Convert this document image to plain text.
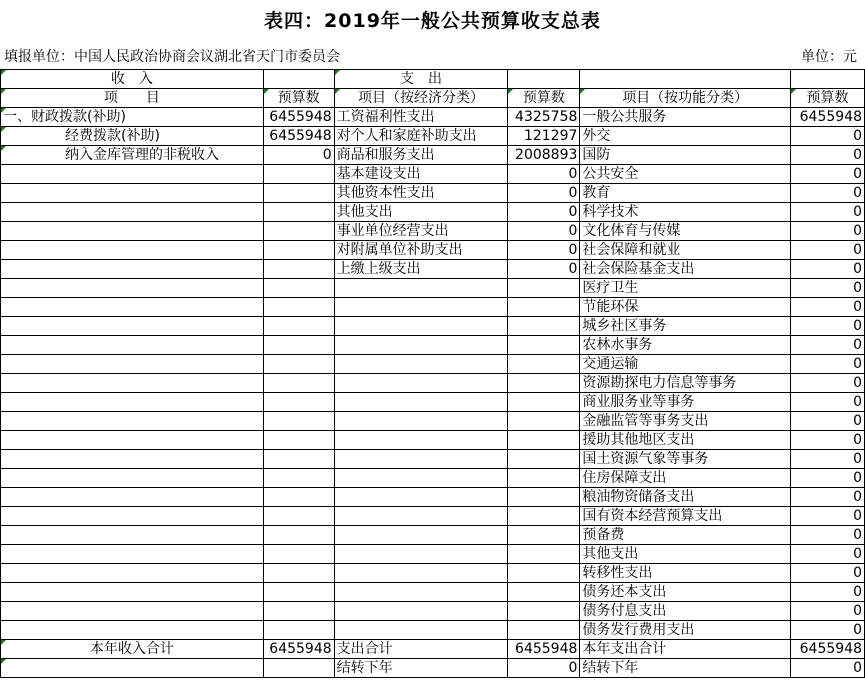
表四：2019年一般公共预算收支总表
填报单位：中国人民政治协商会议湖北省天门市委员会	单位：元
收　入		支　出			
项　　目	预算数	项目（按经济分类）	预算数	项目（按功能分类）	预算数
一、财政拨款(补助)	6455948	工资福利性支出	4325758	一般公共服务	6455948
经费拨款(补助)	6455948	对个人和家庭补助支出	121297	外交	0
纳入金库管理的非税收入	0	商品和服务支出	2008893	国防	0
		基本建设支出	0	公共安全	0
		其他资本性支出	0	教育	0
		其他支出	0	科学技术	0
		事业单位经营支出	0	文化体育与传媒	0
		对附属单位补助支出	0	社会保障和就业	0
		上缴上级支出	0	社会保险基金支出	0
				医疗卫生	0
				节能环保	0
				城乡社区事务	0
				农林水事务	0
				交通运输	0
				资源勘探电力信息等事务	0
				商业服务业等事务	0
				金融监管等事务支出	0
				援助其他地区支出	0
				国土资源气象等事务	0
				住房保障支出	0
				粮油物资储备支出	0
				国有资本经营预算支出	0
				预备费	0
				其他支出	0
				转移性支出	0
				债务还本支出	0
				债务付息支出	0
				债务发行费用支出	0
本年收入合计	6455948	支出合计	6455948	本年支出合计	6455948
		结转下年	0	结转下年	0
